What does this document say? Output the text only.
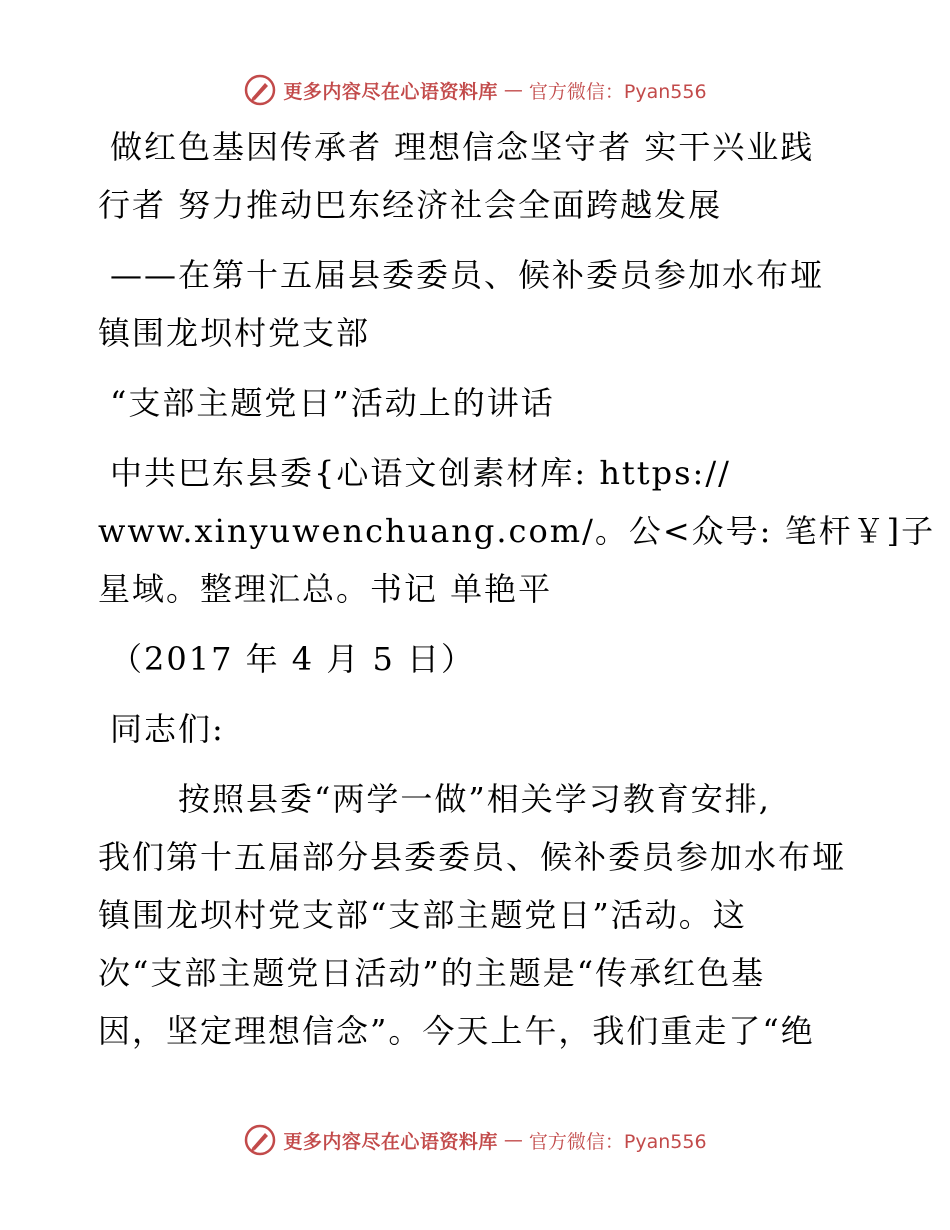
更多内容尽在心语资料库 — 官方微信：Pyan556
做红色基因传承者 理想信念坚守者 实干兴业践
行者 努力推动巴东经济社会全面跨越发展
——在第十五届县委委员、候补委员参加水布垭
镇围龙坝村党支部
“支部主题党日”活动上的讲话
中共巴东县委{心语文创素材库: https://
www.xinyuwenchuang.com/。公<众号: 笔杆￥]子
星域。整理汇总。书记 单艳平
（2017 年 4 月 5 日）
同志们:
按照县委“两学一做”相关学习教育安排,
我们第十五届部分县委委员、候补委员参加水布垭
镇围龙坝村党支部“支部主题党日”活动。这
次“支部主题党日活动”的主题是“传承红色基
因，坚定理想信念”。今天上午，我们重走了“绝
更多内容尽在心语资料库 — 官方微信：Pyan556
